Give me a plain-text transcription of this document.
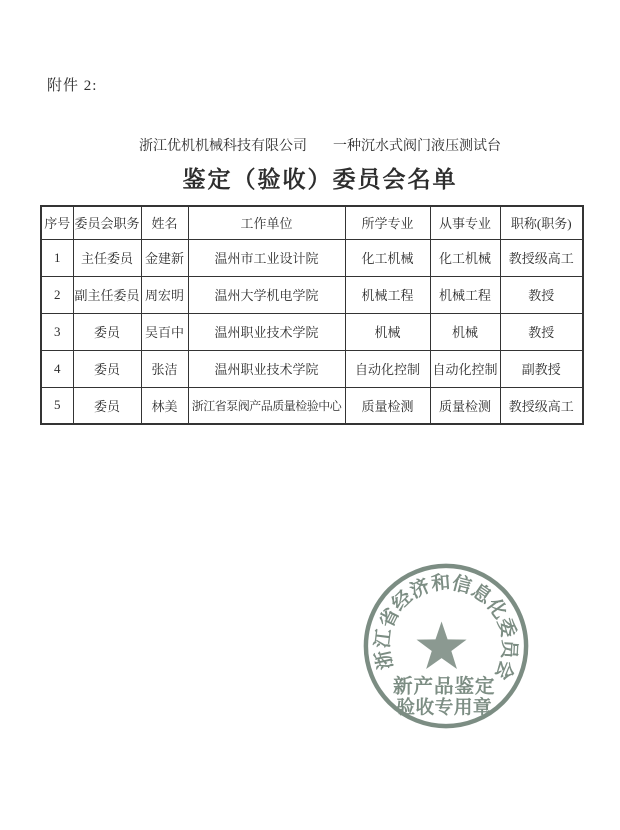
附件 2:
浙江优机机械科技有限公司 一种沉水式阀门液压测试台
鉴定（验收）委员会名单
序号	委员会职务	姓名	工作单位	所学专业	从事专业	职称(职务)
1	主任委员	金建新	温州市工业设计院	化工机械	化工机械	教授级高工
2	副主任委员	周宏明	温州大学机电学院	机械工程	机械工程	教授
3	委员	吴百中	温州职业技术学院	机械	机械	教授
4	委员	张洁	温州职业技术学院	自动化控制	自动化控制	副教授
5	委员	林美	浙江省泵阀产品质量检验中心	质量检测	质量检测	教授级高工
浙江省经济和信息化委员会
新产品鉴定
验收专用章
